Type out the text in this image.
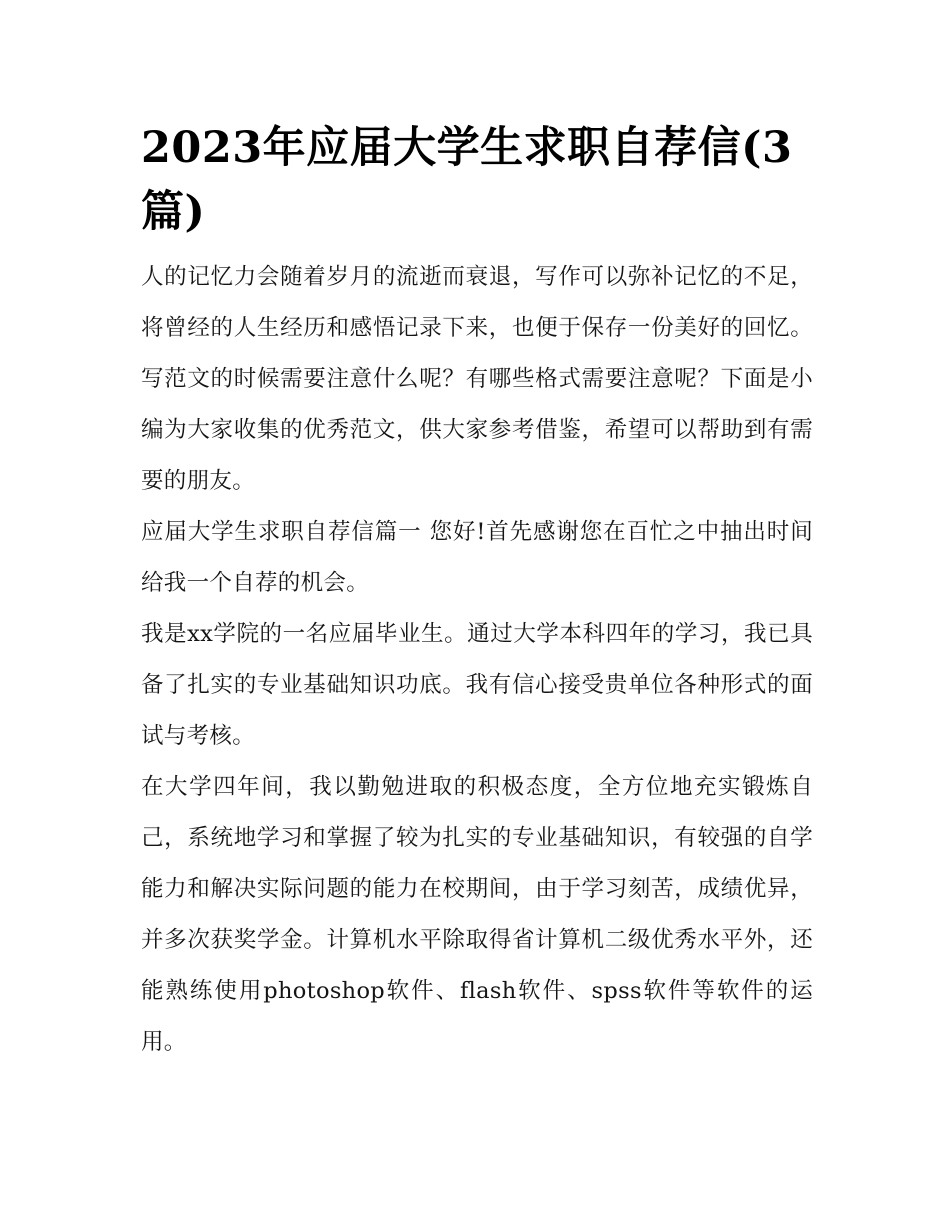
2023年应届大学生求职自荐信(3篇)

人的记忆力会随着岁月的流逝而衰退，写作可以弥补记忆的不足，将曾经的人生经历和感悟记录下来，也便于保存一份美好的回忆。写范文的时候需要注意什么呢？有哪些格式需要注意呢？下面是小编为大家收集的优秀范文，供大家参考借鉴，希望可以帮助到有需要的朋友。

应届大学生求职自荐信篇一 您好!首先感谢您在百忙之中抽出时间给我一个自荐的机会。

我是xx学院的一名应届毕业生。通过大学本科四年的学习，我已具备了扎实的专业基础知识功底。我有信心接受贵单位各种形式的面试与考核。

在大学四年间，我以勤勉进取的积极态度，全方位地充实锻炼自己，系统地学习和掌握了较为扎实的专业基础知识，有较强的自学能力和解决实际问题的能力在校期间，由于学习刻苦，成绩优异，并多次获奖学金。计算机水平除取得省计算机二级优秀水平外，还能熟练使用photoshop软件、flash软件、spss软件等软件的运用。
